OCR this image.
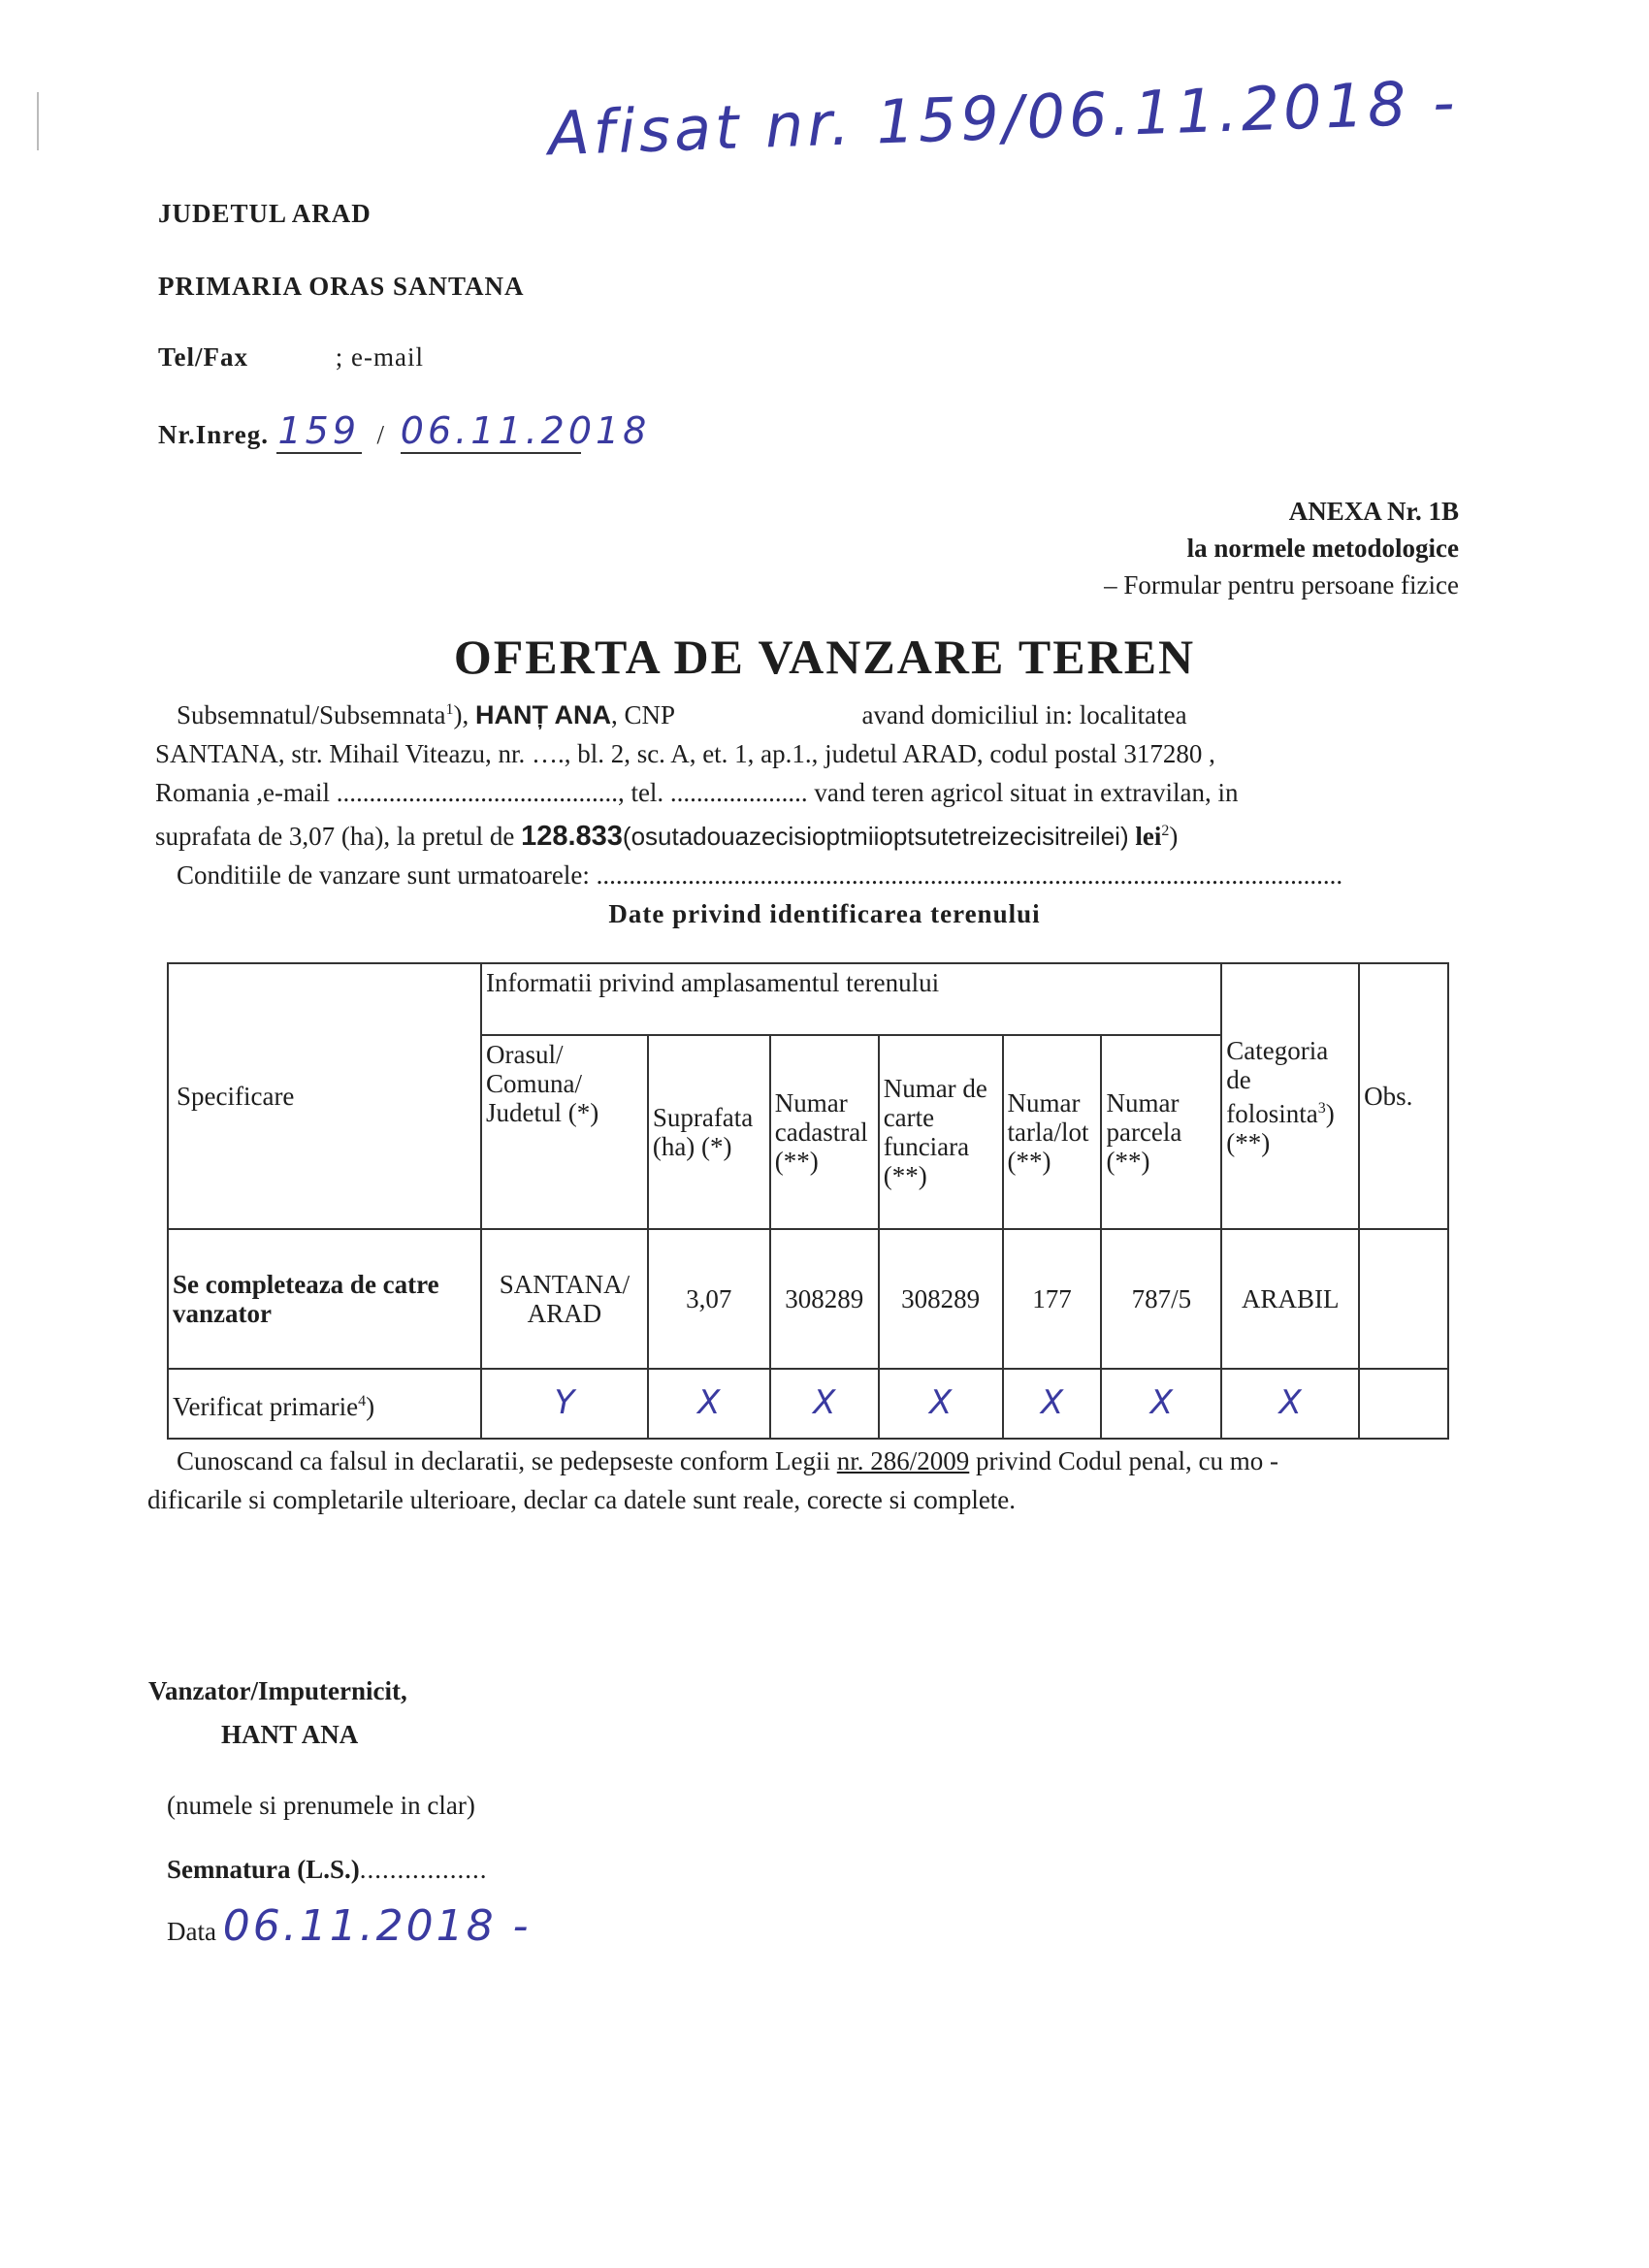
Afisat nr. 159/06.11.2018 -
JUDETUL ARAD
PRIMARIA ORAS SANTANA
Tel/Fax	; e-mail
Nr.Inreg. 159 / 06.11.2018
ANEXA Nr. 1B
la normele metodologice
– Formular pentru persoane fizice
OFERTA DE VANZARE TEREN
Subsemnatul/Subsemnata$^1$), HANȚ ANA, CNP	avand domiciliul in: localitatea
SANTANA, str. Mihail Viteazu, nr. …., bl. 2, sc. A, et. 1, ap.1., judetul ARAD, codul postal 317280 ,
Romania ,e-mail ..........................................., tel. ..................... vand teren agricol situat in extravilan, in
suprafata de 3,07 (ha), la pretul de 128.833(osutadouazecisioptmiioptsutetreizecisitreilei) lei$^2$)
Conditiile de vanzare sunt urmatoarele: ..................................................................................................................
Date privind identificarea terenului
Specificare	Informatii privind amplasamentul terenului						Categoria de folosinta$^3$) (**)	Obs.
	Orasul/ Comuna/ Judetul (*)	Suprafata (ha) (*)	Numar cadastral (**)	Numar de carte funciara (**)	Numar tarla/lot (**)	Numar parcela (**)		
Se completeaza de catre vanzator	SANTANA/ ARAD	3,07	308289	308289	177	787/5	ARABIL	
Verificat primarie$^4$)	Y	X	X	X	X	X	X	
Cunoscand ca falsul in declaratii, se pedepseste conform Legii nr. 286/2009 privind Codul penal, cu mo -
dificarile si completarile ulterioare, declar ca datele sunt reale, corecte si complete.
Vanzator/Imputernicit,
HANT ANA
(numele si prenumele in clar)
Semnatura (L.S.).................
Data 06.11.2018 -
